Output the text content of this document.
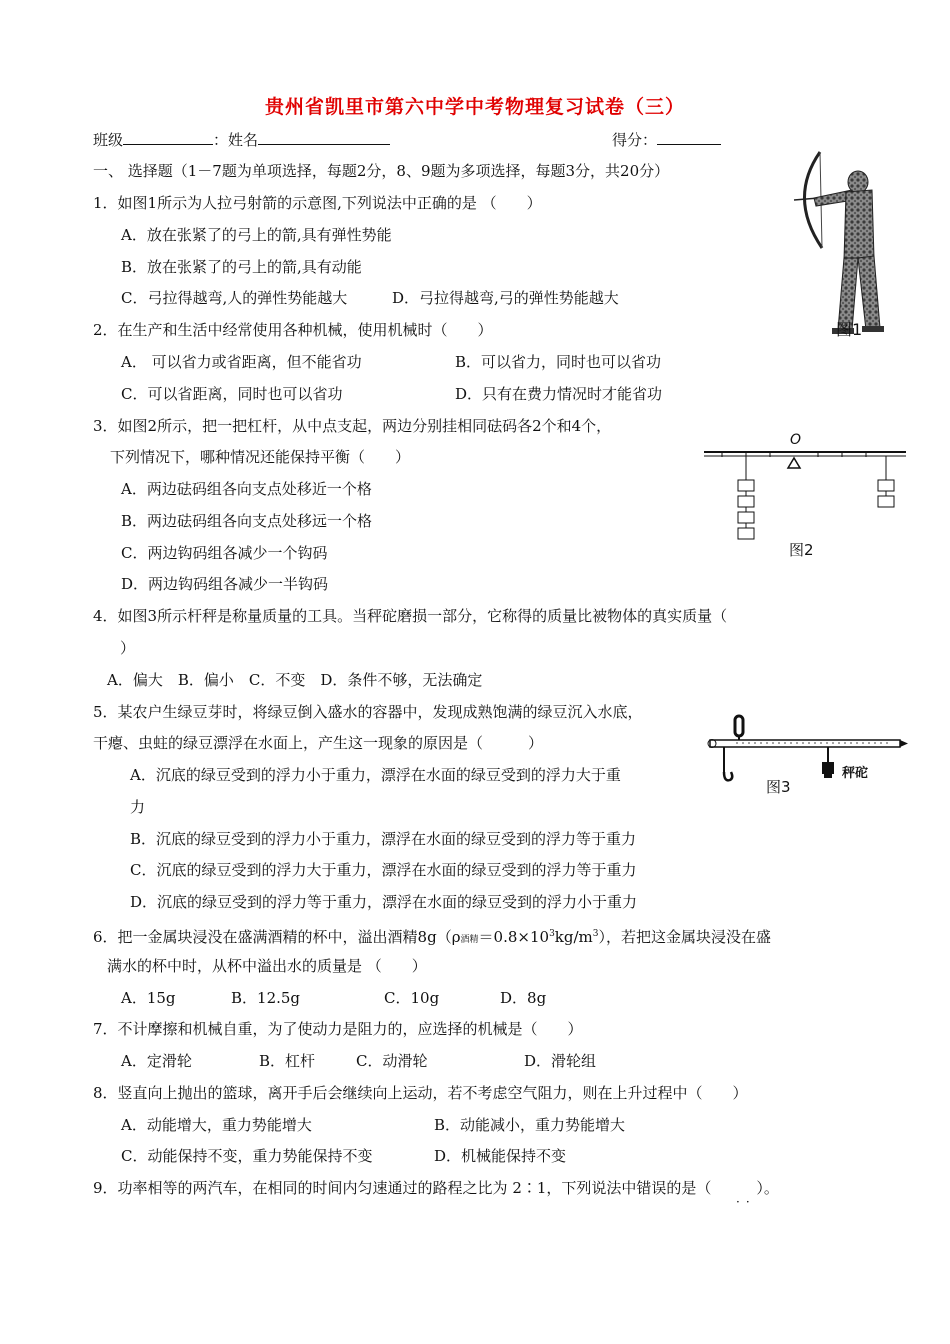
贵州省凯里市第六中学中考物理复习试卷（三）
班级	：姓名	得分：
一、 选择题（1－7题为单项选择，每题2分，8、9题为多项选择，每题3分，共20分）
1．如图1所示为人拉弓射箭的示意图,下列说法中正确的是 （　　）
A．放在张紧了的弓上的箭,具有弹性势能
B．放在张紧了的弓上的箭,具有动能
C．弓拉得越弯,人的弹性势能越大	D．弓拉得越弯,弓的弹性势能越大
2．在生产和生活中经常使用各种机械，使用机械时（　　）
A． 可以省力或省距离，但不能省功	B．可以省力，同时也可以省功
C．可以省距离，同时也可以省功	D．只有在费力情况时才能省功
3．如图2所示，把一把杠杆，从中点支起，两边分别挂相同砝码各2个和4个，
下列情况下，哪种情况还能保持平衡（　　）
A．两边砝码组各向支点处移近一个格
B．两边砝码组各向支点处移远一个格
C．两边钩码组各减少一个钩码
D．两边钩码组各减少一半钩码
4．如图3所示杆秤是称量质量的工具。当秤砣磨损一部分，它称得的质量比被物体的真实质量（
）
A．偏大　B．偏小　C．不变　D．条件不够，无法确定
5．某农户生绿豆芽时，将绿豆倒入盛水的容器中，发现成熟饱满的绿豆沉入水底，
干瘪、虫蛀的绿豆漂浮在水面上，产生这一现象的原因是（　　　）
A．沉底的绿豆受到的浮力小于重力，漂浮在水面的绿豆受到的浮力大于重
力
B．沉底的绿豆受到的浮力小于重力，漂浮在水面的绿豆受到的浮力等于重力
C．沉底的绿豆受到的浮力大于重力，漂浮在水面的绿豆受到的浮力等于重力
D．沉底的绿豆受到的浮力等于重力，漂浮在水面的绿豆受到的浮力小于重力
6．把一金属块浸没在盛满酒精的杯中，溢出酒精8g（ρ酒精$=0.8\times 10^3kg/m^3$），若把这金属块浸没在盛
满水的杯中时，从杯中溢出水的质量是 （　　）
A．15g	B．12.5g	C．10g	D．8g
7．不计摩擦和机械自重，为了使动力是阻力的，应选择的机械是（　　）
A．定滑轮	B．杠杆	C．动滑轮	D．滑轮组
8．竖直向上抛出的篮球，离开手后会继续向上运动，若不考虑空气阻力，则在上升过程中（　　）
A．动能增大，重力势能增大	B．动能减小，重力势能增大
C．动能保持不变，重力势能保持不变	D．机械能保持不变
9．功率相等的两汽车，在相同的时间内匀速通过的路程之比为 2∶1，下列说法中错误的是（　　　）。
··
图1
O
图2
图3
秤砣
